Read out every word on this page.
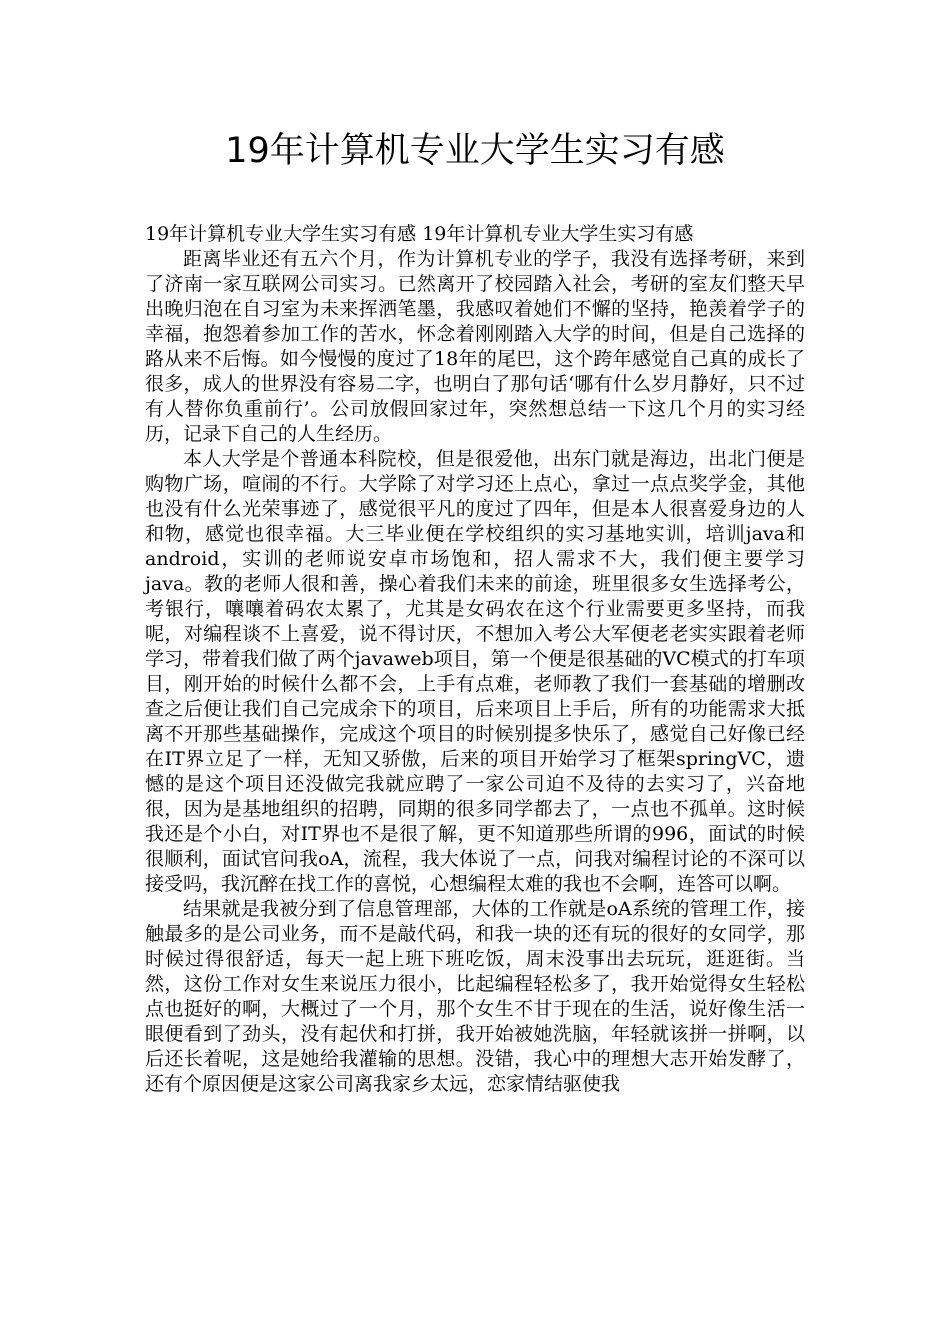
19年计算机专业大学生实习有感

19年计算机专业大学生实习有感 19年计算机专业大学生实习有感

距离毕业还有五六个月，作为计算机专业的学子，我没有选择考研，来到了济南一家互联网公司实习。已然离开了校园踏入社会，考研的室友们整天早出晚归泡在自习室为未来挥洒笔墨，我感叹着她们不懈的坚持，艳羡着学子的幸福，抱怨着参加工作的苦水，怀念着刚刚踏入大学的时间，但是自己选择的路从来不后悔。如今慢慢的度过了18年的尾巴，这个跨年感觉自己真的成长了很多，成人的世界没有容易二字，也明白了那句话‘哪有什么岁月静好，只不过有人替你负重前行’。公司放假回家过年，突然想总结一下这几个月的实习经历，记录下自己的人生经历。

本人大学是个普通本科院校，但是很爱他，出东门就是海边，出北门便是购物广场，喧闹的不行。大学除了对学习还上点心，拿过一点点奖学金，其他也没有什么光荣事迹了，感觉很平凡的度过了四年，但是本人很喜爱身边的人和物，感觉也很幸福。大三毕业便在学校组织的实习基地实训，培训java和android，实训的老师说安卓市场饱和，招人需求不大，我们便主要学习java。教的老师人很和善，操心着我们未来的前途，班里很多女生选择考公，考银行，嚷嚷着码农太累了，尤其是女码农在这个行业需要更多坚持，而我呢，对编程谈不上喜爱，说不得讨厌，不想加入考公大军便老老实实跟着老师学习，带着我们做了两个javaweb项目，第一个便是很基础的VC模式的打车项目，刚开始的时候什么都不会，上手有点难，老师教了我们一套基础的增删改查之后便让我们自己完成余下的项目，后来项目上手后，所有的功能需求大抵离不开那些基础操作，完成这个项目的时候别提多快乐了，感觉自己好像已经在IT界立足了一样，无知又骄傲，后来的项目开始学习了框架springVC，遗憾的是这个项目还没做完我就应聘了一家公司迫不及待的去实习了，兴奋地很，因为是基地组织的招聘，同期的很多同学都去了，一点也不孤单。这时候我还是个小白，对IT界也不是很了解，更不知道那些所谓的996，面试的时候很顺利，面试官问我oA，流程，我大体说了一点，问我对编程讨论的不深可以接受吗，我沉醉在找工作的喜悦，心想编程太难的我也不会啊，连答可以啊。

结果就是我被分到了信息管理部，大体的工作就是oA系统的管理工作，接触最多的是公司业务，而不是敲代码，和我一块的还有玩的很好的女同学，那时候过得很舒适，每天一起上班下班吃饭，周末没事出去玩玩，逛逛街。当然，这份工作对女生来说压力很小，比起编程轻松多了，我开始觉得女生轻松点也挺好的啊，大概过了一个月，那个女生不甘于现在的生活，说好像生活一眼便看到了劲头，没有起伏和打拼，我开始被她洗脑，年轻就该拼一拼啊，以后还长着呢，这是她给我灌输的思想。没错，我心中的理想大志开始发酵了，还有个原因便是这家公司离我家乡太远，恋家情结驱使我
